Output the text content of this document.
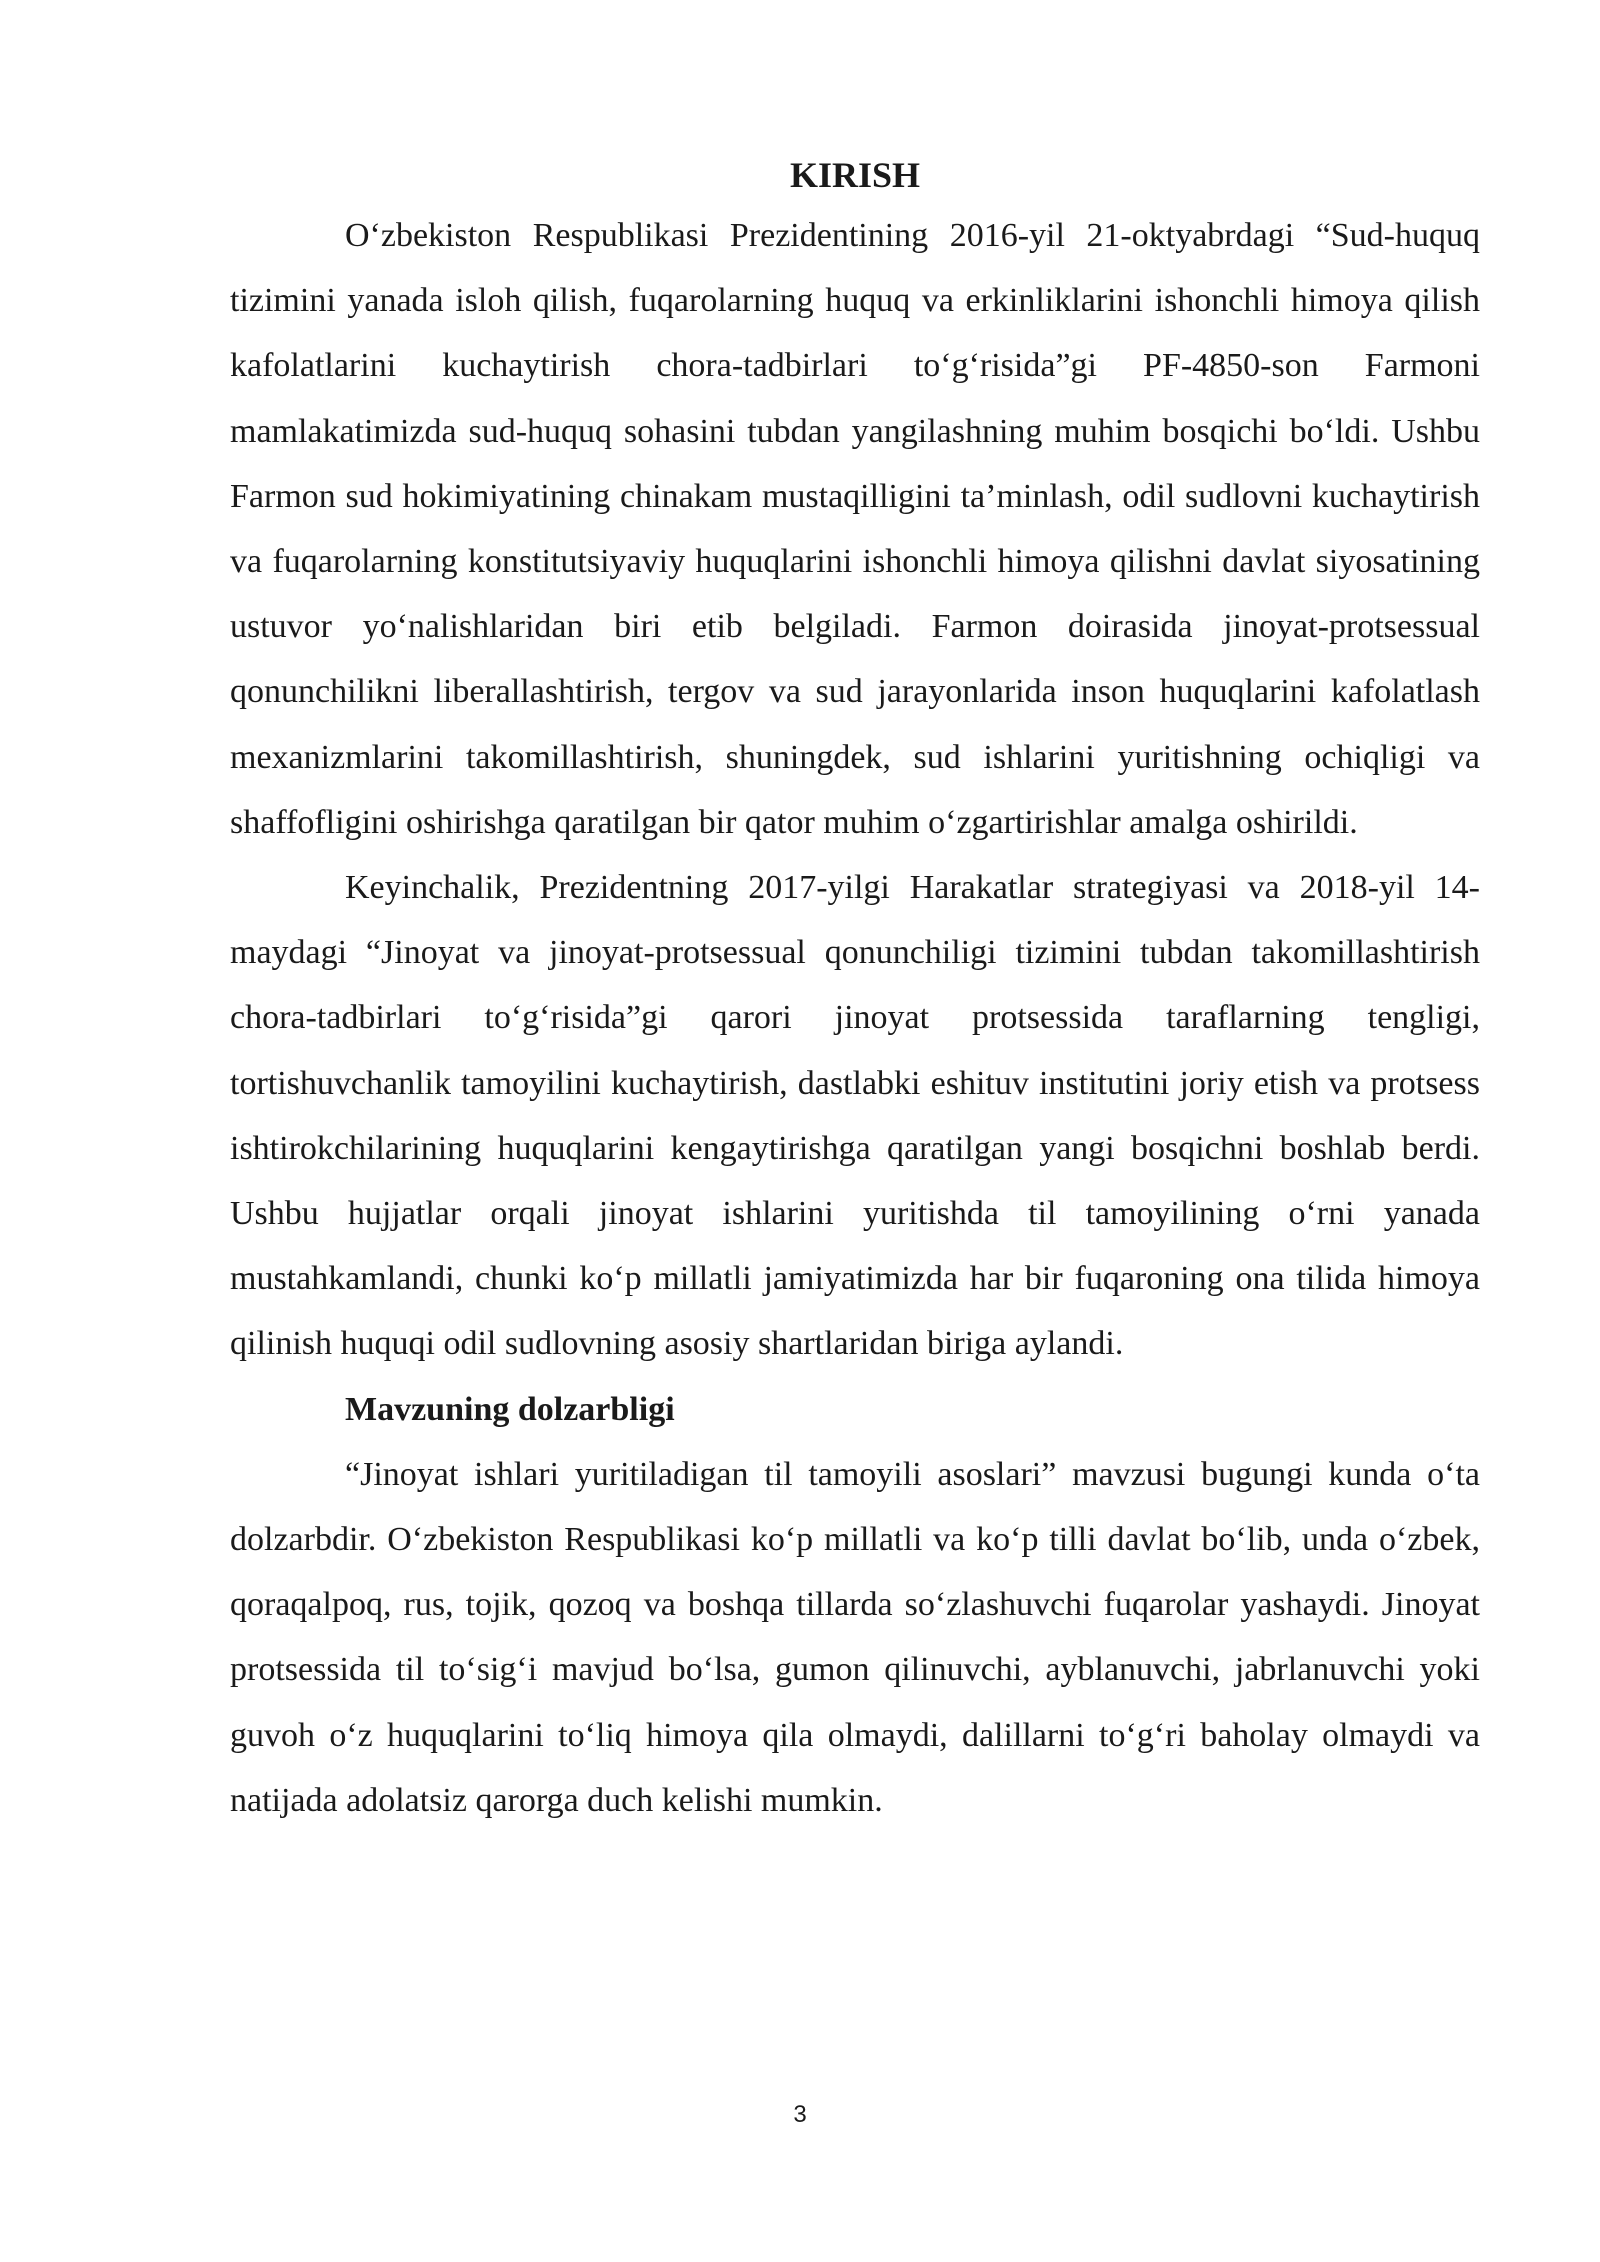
KIRISH

O‘zbekiston Respublikasi Prezidentining 2016-yil 21-oktyabrdagi “Sud-huquq tizimini yanada isloh qilish, fuqarolarning huquq va erkinliklarini ishonchli himoya qilish kafolatlarini kuchaytirish chora-tadbirlari to‘g‘risida”gi PF-4850-son Farmoni mamlakatimizda sud-huquq sohasini tubdan yangilashning muhim bosqichi bo‘ldi. Ushbu Farmon sud hokimiyatining chinakam mustaqilligini ta’minlash, odil sudlovni kuchaytirish va fuqarolarning konstitutsiyaviy huquqlarini ishonchli himoya qilishni davlat siyosatining ustuvor yo‘nalishlaridan biri etib belgiladi. Farmon doirasida jinoyat-protsessual qonunchilikni liberallashtirish, tergov va sud jarayonlarida inson huquqlarini kafolatlash mexanizmlarini takomillashtirish, shuningdek, sud ishlarini yuritishning ochiqligi va shaffofligini oshirishga qaratilgan bir qator muhim o‘zgartirishlar amalga oshirildi.

Keyinchalik, Prezidentning 2017-yilgi Harakatlar strategiyasi va 2018-yil 14-maydagi “Jinoyat va jinoyat-protsessual qonunchiligi tizimini tubdan takomillashtirish chora-tadbirlari to‘g‘risida”gi qarori jinoyat protsessida taraflarning tengligi, tortishuvchanlik tamoyilini kuchaytirish, dastlabki eshituv institutini joriy etish va protsess ishtirokchilarining huquqlarini kengaytirishga qaratilgan yangi bosqichni boshlab berdi. Ushbu hujjatlar orqali jinoyat ishlarini yuritishda til tamoyilining o‘rni yanada mustahkamlandi, chunki ko‘p millatli jamiyatimizda har bir fuqaroning ona tilida himoya qilinish huquqi odil sudlovning asosiy shartlaridan biriga aylandi.

Mavzuning dolzarbligi

“Jinoyat ishlari yuritiladigan til tamoyili asoslari” mavzusi bugungi kunda o‘ta dolzarbdir. O‘zbekiston Respublikasi ko‘p millatli va ko‘p tilli davlat bo‘lib, unda o‘zbek, qoraqalpoq, rus, tojik, qozoq va boshqa tillarda so‘zlashuvchi fuqarolar yashaydi. Jinoyat protsessida til to‘sig‘i mavjud bo‘lsa, gumon qilinuvchi, ayblanuvchi, jabrlanuvchi yoki guvoh o‘z huquqlarini to‘liq himoya qila olmaydi, dalillarni to‘g‘ri baholay olmaydi va natijada adolatsiz qarorga duch kelishi mumkin.

3
